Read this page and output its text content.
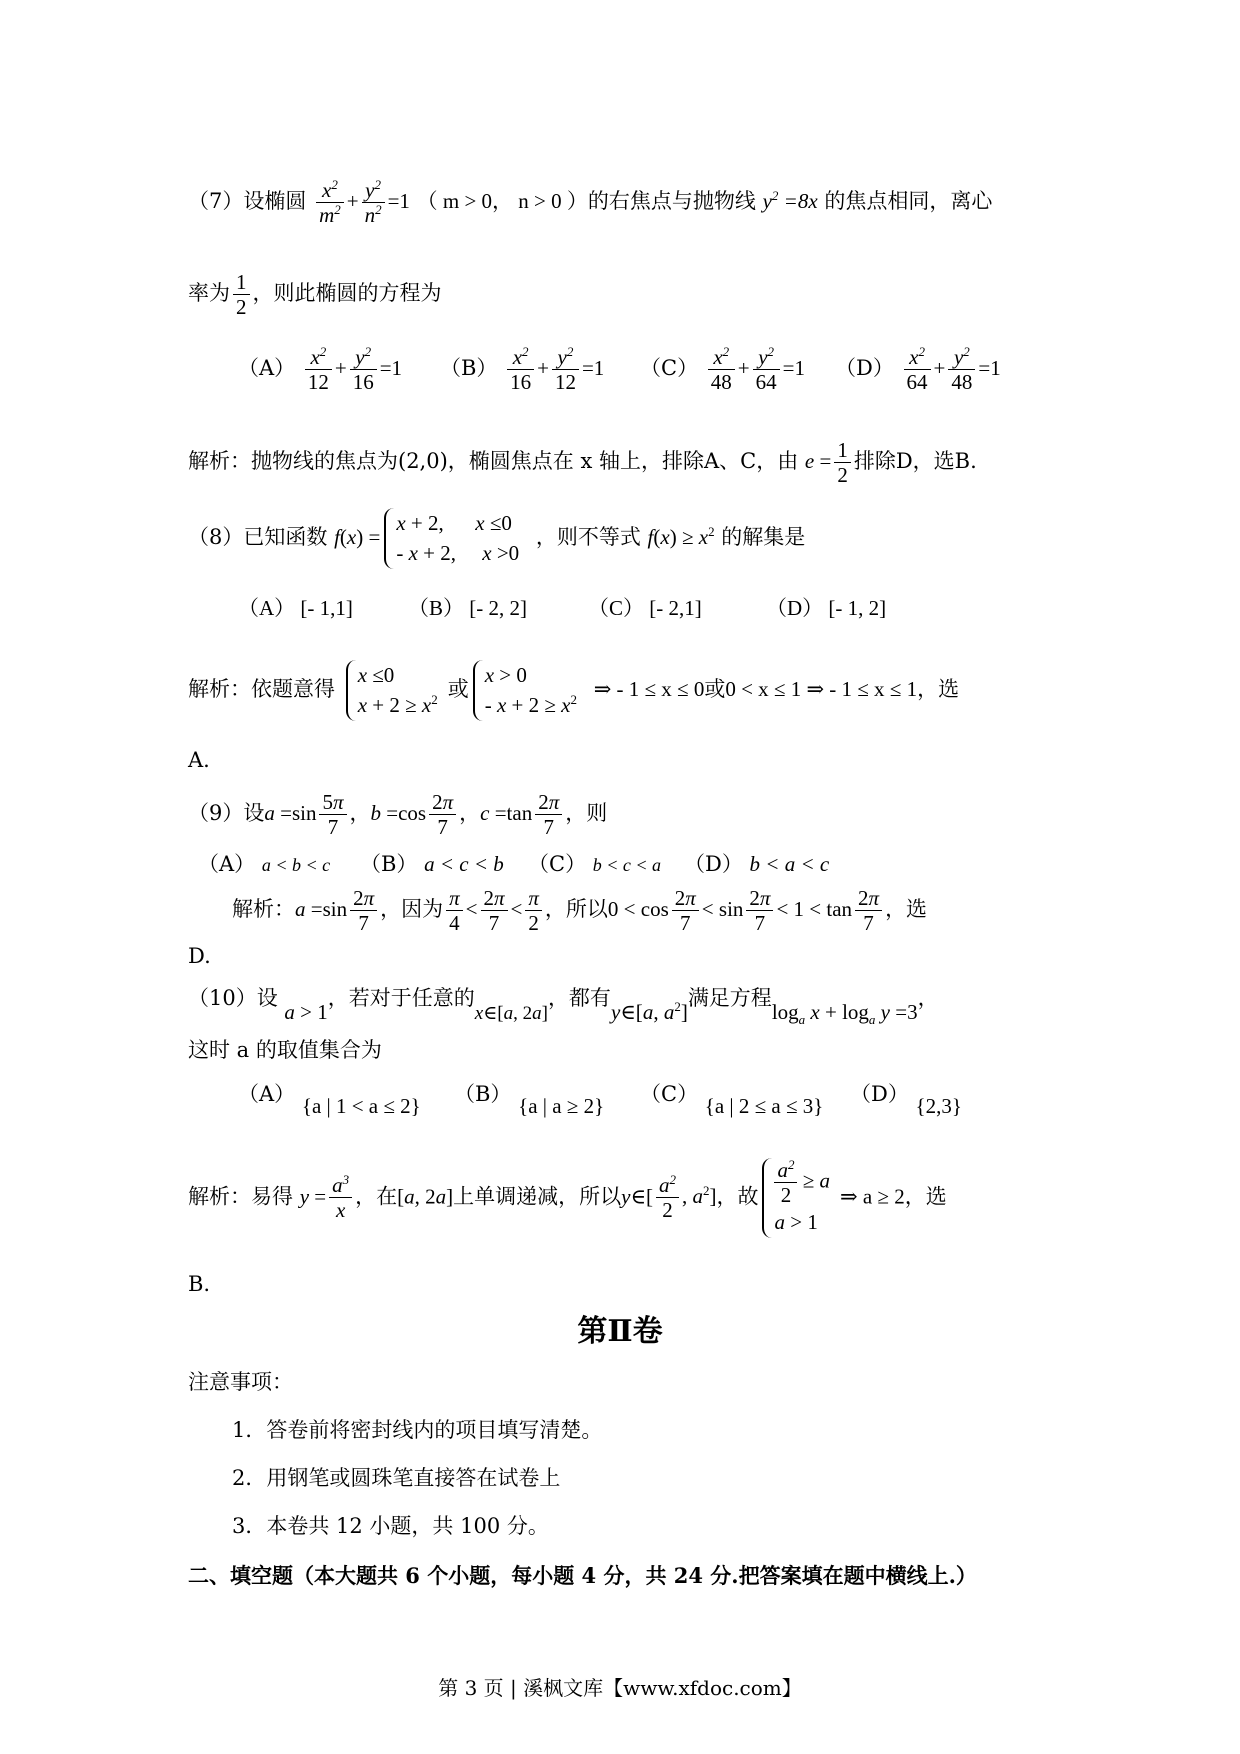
（7）设椭圆 $\frac{x^2}{m^2} + \frac{y^2}{n^2} =1$ （ m > 0， n > 0 ）的右焦点与抛物线 $y^2 =8x$ 的焦点相同，离心
率为 $\frac{1}{2}$ ，则此椭圆的方程为
$(A) \frac{x^2}{12} + \frac{y^2}{16} =1$ $(B) \frac{x^2}{16} + \frac{y^2}{12} =1$ $(C) \frac{x^2}{48} + \frac{y^2}{64} =1$ $(D) \frac{x^2}{64} + \frac{y^2}{48} =1$
解析：抛物线的焦点为(2,0)，椭圆焦点在 x 轴上，排除A、C，由 $e = \frac{1}{2}$ 排除D，选B.
（8）已知函数 f(x) =
x + 2,      x ≤0
- x + 2,     x >0
，则不等式 $f(x) \ge x^2$ 的解集是
（A） [- 1,1]	（B） [- 2, 2]	（C） [- 2,1]	（D） [- 1, 2]
解析：依题意得
x ≤0
$x + 2 \ge x^2$ 或
x > 0
- $x + 2 \ge x^2$ ⇒ - 1 ≤ x ≤ 0或0 < x ≤ 1 ⇒ - 1 ≤ x ≤ 1，选
A.
（9）设$a =\sin \frac{5\pi}{7}$ ，$b =\cos \frac{2\pi}{7}$ ，$c =\tan \frac{2\pi}{7}$ ，则
（A） a < b < c （B） a < c < b （C） b < c < a （D） b < a < c
解析：$a =\sin \frac{2\pi}{7}$ ，因为 $\frac{\pi}{4} < \frac{2\pi}{7} < \frac{\pi}{2}$ ，所以$0 < \cos \frac{2\pi}{7} < \sin \frac{2\pi}{7} < 1 < \tan \frac{2\pi}{7}$ ，选
D.
（10）设 a > 1，若对于任意的x∈[a, 2a]，都有y∈[a, $a^2$]满足方程$\log_a x + \log_a y =3$，
这时 a 的取值集合为
（A） {a | 1 < a ≤ 2} （B） {a | a ≥ 2} （C） {a | 2 ≤ a ≤ 3} （D） {2,3}
解析：易得 $y = \frac{a^3}{x}$ ，在[a, 2a]上单调递减，所以y∈[ $\frac{a^2}{2}$ , $a^2$]，故 $\frac{a^2}{2} \ge a$
a > 1
⇒ a ≥ 2，选
B.
第Ⅱ卷
注意事项：
1．答卷前将密封线内的项目填写清楚。
2．用钢笔或圆珠笔直接答在试卷上
3．本卷共 12 小题，共 100 分。
二、填空题（本大题共 6 个小题，每小题 4 分，共 24 分.把答案填在题中横线上.）
第 3 页 | 溪枫文库【www.xfdoc.com】
